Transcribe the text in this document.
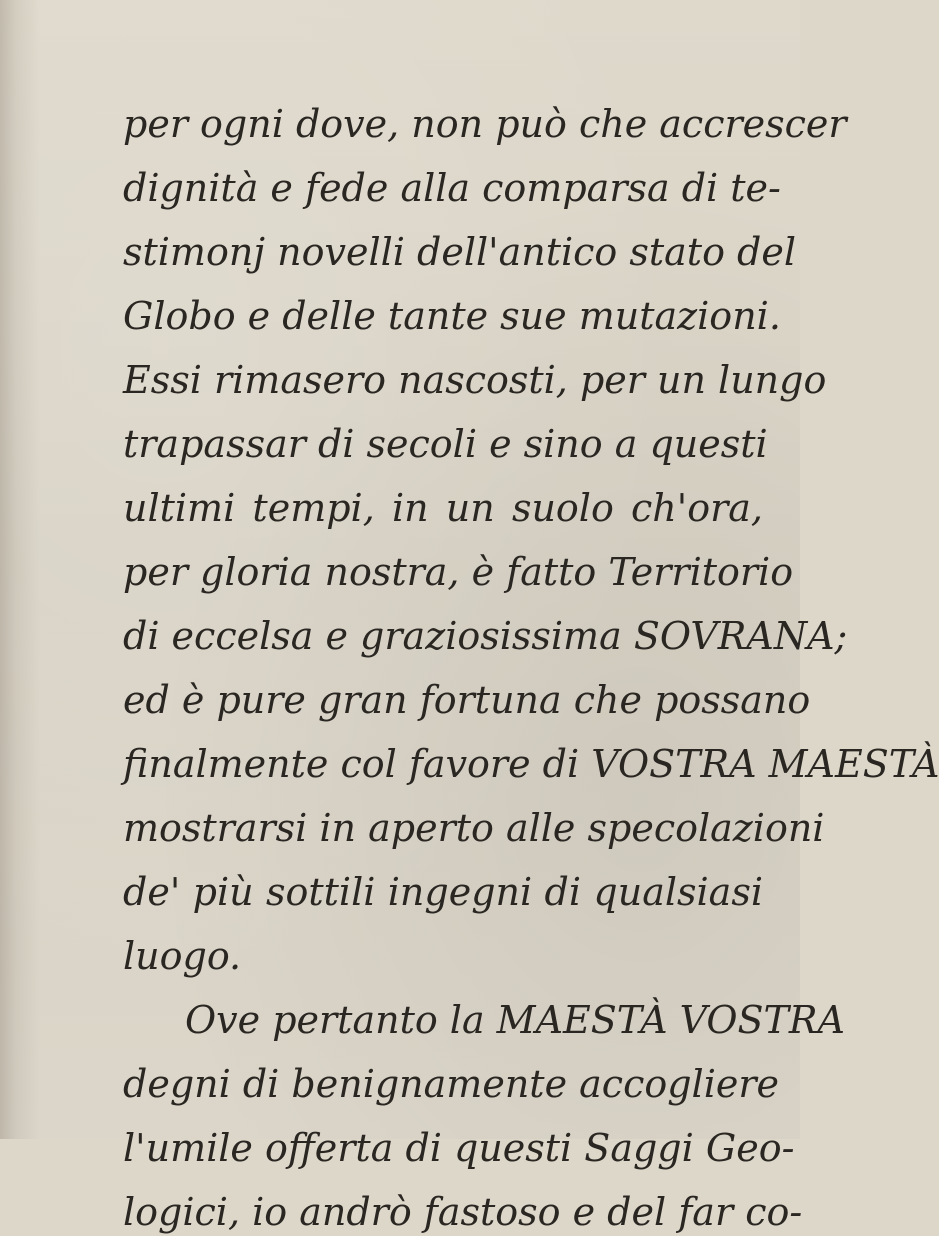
per ogni dove, non può che accrescer
dignità e fede alla comparsa di te-
stimonj novelli dell'antico stato del
Globo e delle tante sue mutazioni.
Essi rimasero nascosti, per un lungo
trapassar di secoli e sino a questi
ultimi tempi, in un suolo ch'ora,
per gloria nostra, è fatto Territorio
di eccelsa e graziosissima SOVRANA;
ed è pure gran fortuna che possano
finalmente col favore di VOSTRA MAESTÀ
mostrarsi in aperto alle specolazioni
de' più sottili ingegni di qualsiasi
luogo.
Ove pertanto la MAESTÀ VOSTRA
degni di benignamente accogliere
l'umile offerta di questi Saggi Geo-
logici, io andrò fastoso e del far co-
